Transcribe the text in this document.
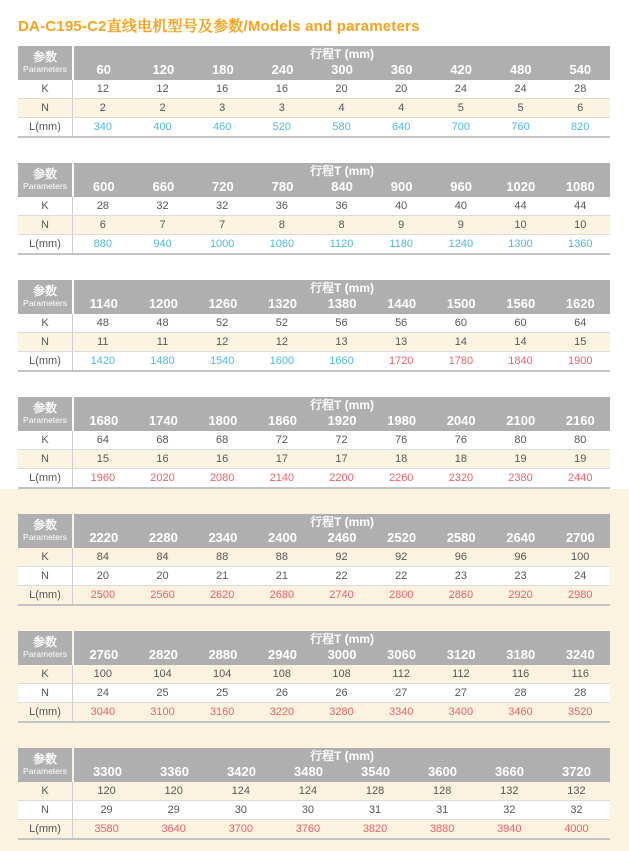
DA-C195-C2直线电机型号及参数/Models and parameters
参数
Parameters
行程T (mm)
60	120	180	240	300	360	420	480	540
K	12	12	16	16	20	20	24	24	28
N	2	2	3	3	4	4	5	5	6
L(mm)	340	400	460	520	580	640	700	760	820
参数
Parameters
行程T (mm)
600	660	720	780	840	900	960	1020	1080
K	28	32	32	36	36	40	40	44	44
N	6	7	7	8	8	9	9	10	10
L(mm)	880	940	1000	1060	1120	1180	1240	1300	1360
参数
Parameters
行程T (mm)
1140	1200	1260	1320	1380	1440	1500	1560	1620
K	48	48	52	52	56	56	60	60	64
N	11	11	12	12	13	13	14	14	15
L(mm)	1420	1480	1540	1600	1660	1720	1780	1840	1900
参数
Parameters
行程T (mm)
1680	1740	1800	1860	1920	1980	2040	2100	2160
K	64	68	68	72	72	76	76	80	80
N	15	16	16	17	17	18	18	19	19
L(mm)	1960	2020	2080	2140	2200	2260	2320	2380	2440
参数
Parameters
行程T (mm)
2220	2280	2340	2400	2460	2520	2580	2640	2700
K	84	84	88	88	92	92	96	96	100
N	20	20	21	21	22	22	23	23	24
L(mm)	2500	2560	2620	2680	2740	2800	2860	2920	2980
参数
Parameters
行程T (mm)
2760	2820	2880	2940	3000	3060	3120	3180	3240
K	100	104	104	108	108	112	112	116	116
N	24	25	25	26	26	27	27	28	28
L(mm)	3040	3100	3160	3220	3280	3340	3400	3460	3520
参数
Parameters
行程T (mm)
3300	3360	3420	3480	3540	3600	3660	3720
K	120	120	124	124	128	128	132	132
N	29	29	30	30	31	31	32	32
L(mm)	3580	3640	3700	3760	3820	3880	3940	4000
